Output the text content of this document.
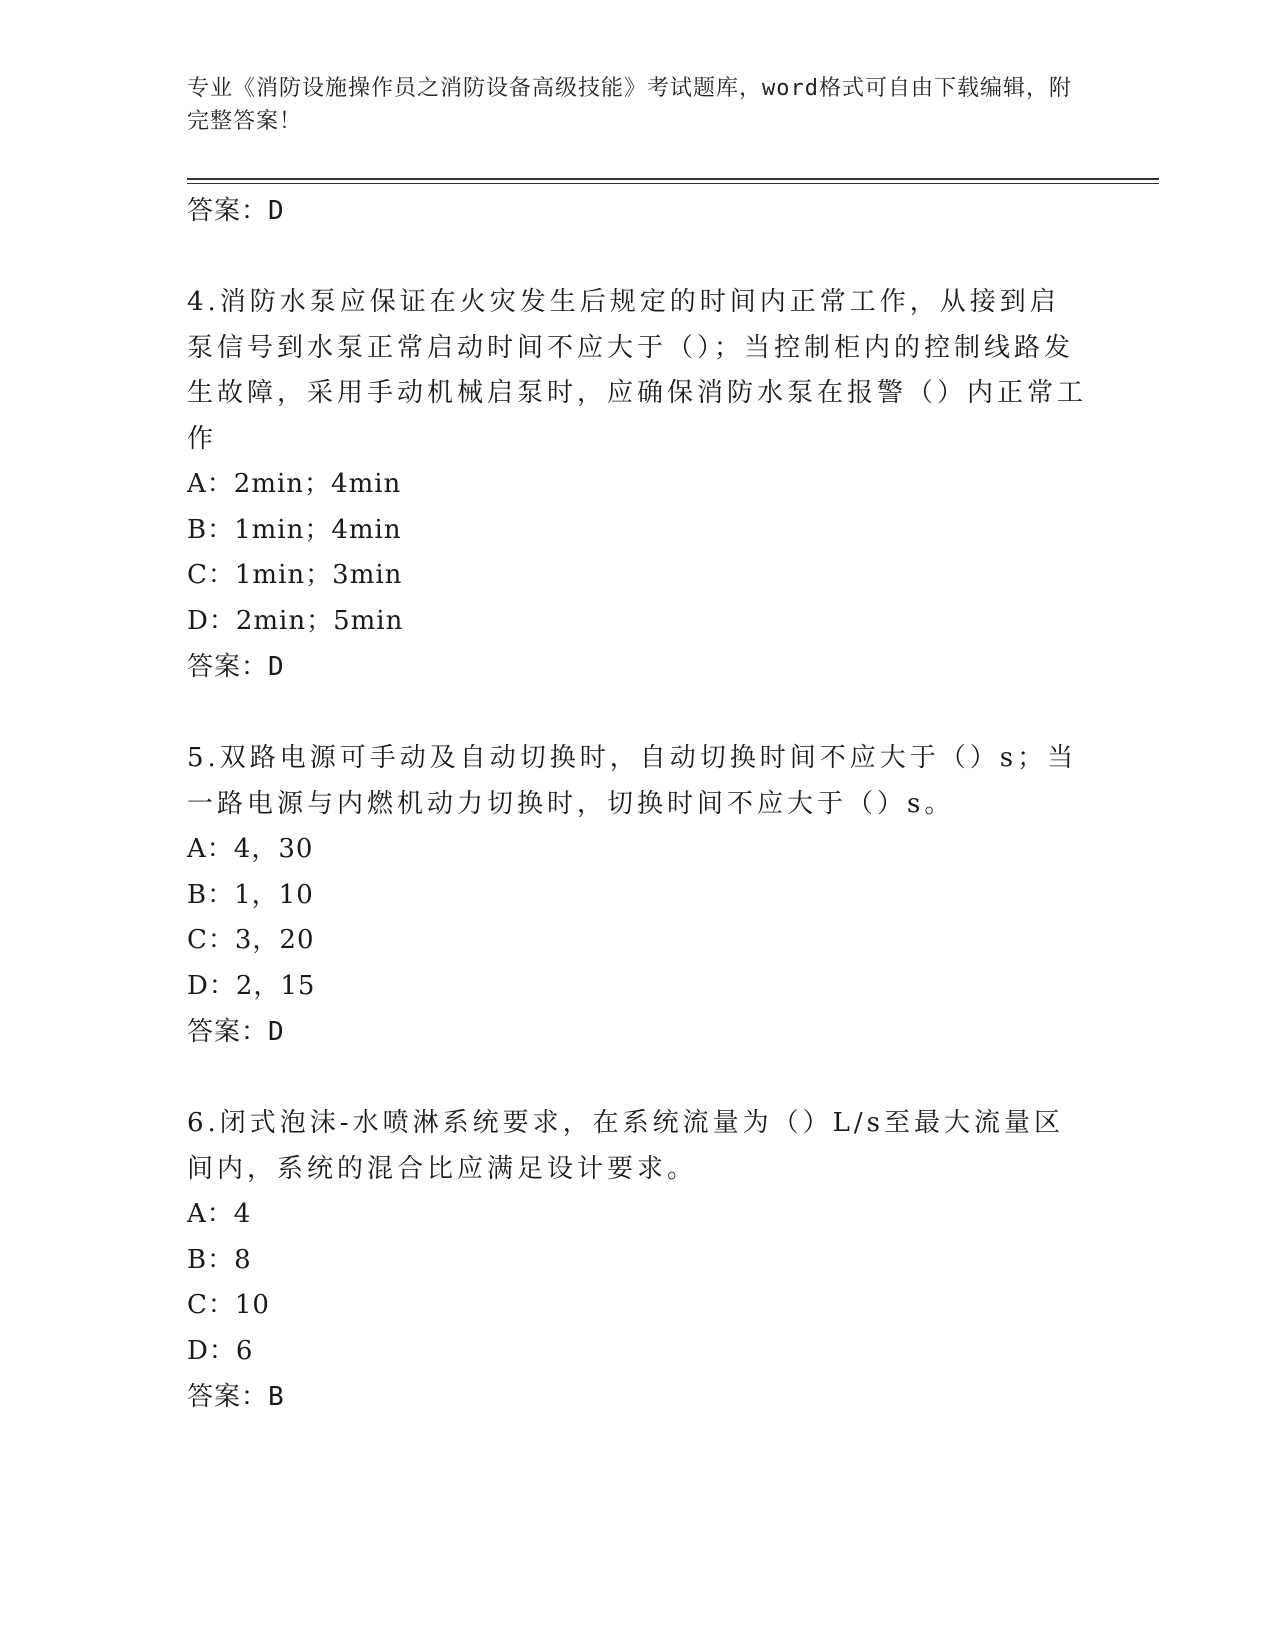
专业《消防设施操作员之消防设备高级技能》考试题库，word格式可自由下载编辑，附完整答案！
答案：D
4.消防水泵应保证在火灾发生后规定的时间内正常工作，从接到启泵信号到水泵正常启动时间不应大于（）；当控制柜内的控制线路发生故障，采用手动机械启泵时，应确保消防水泵在报警（）内正常工作
A：2min；4min
B：1min；4min
C：1min；3min
D：2min；5min
答案：D
5.双路电源可手动及自动切换时，自动切换时间不应大于（）s；当一路电源与内燃机动力切换时，切换时间不应大于（）s。
A：4，30
B：1，10
C：3，20
D：2，15
答案：D
6.闭式泡沫-水喷淋系统要求，在系统流量为（）L/s至最大流量区间内，系统的混合比应满足设计要求。
A：4
B：8
C：10
D：6
答案：B
